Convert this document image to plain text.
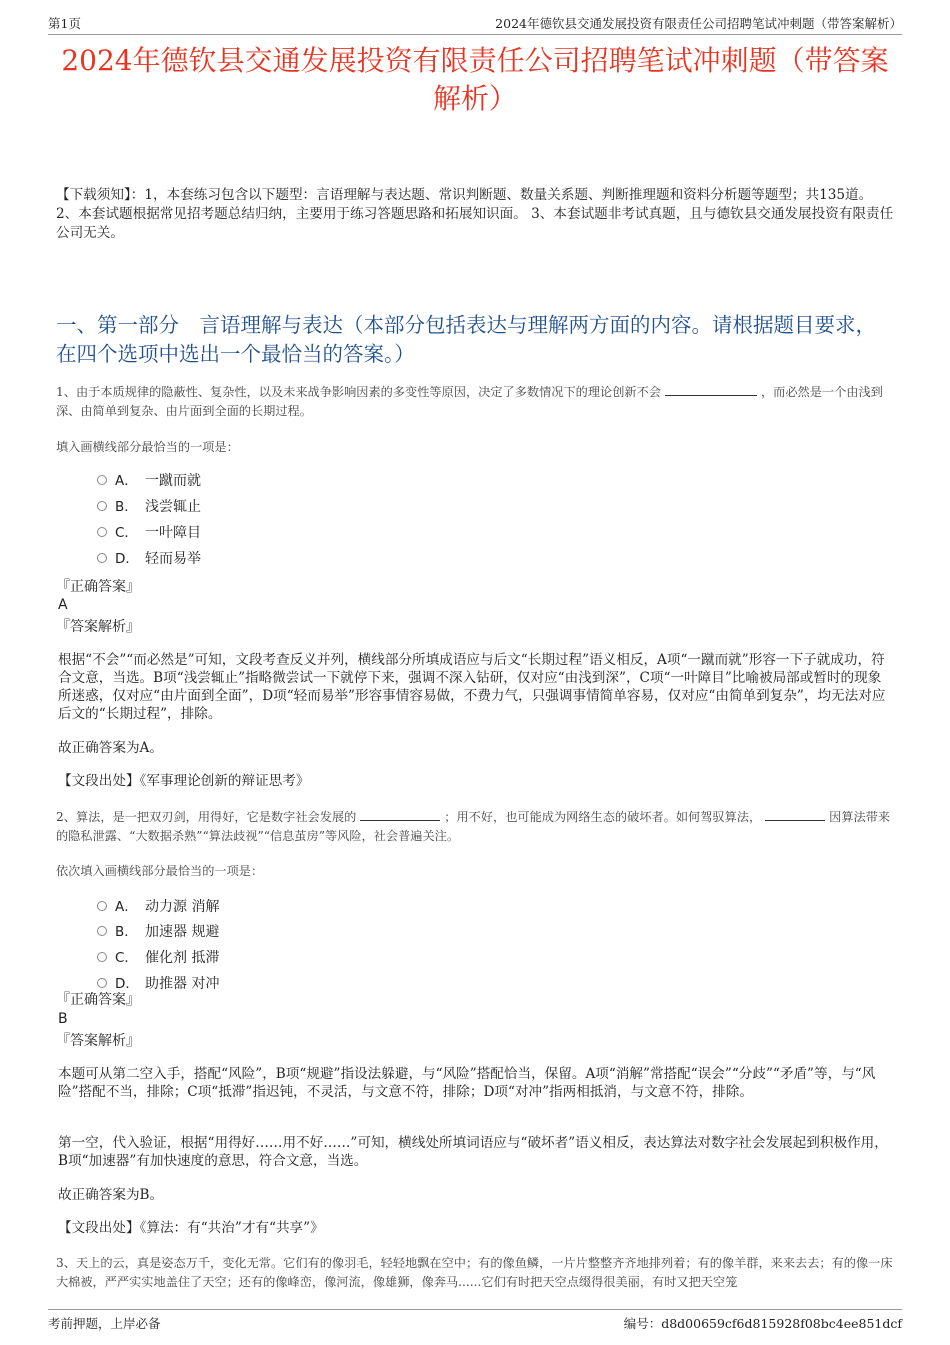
第1页	2024年德钦县交通发展投资有限责任公司招聘笔试冲刺题（带答案解析）
2024年德钦县交通发展投资有限责任公司招聘笔试冲刺题（带答案解析）
【下载须知】：1，本套练习包含以下题型：言语理解与表达题、常识判断题、数量关系题、判断推理题和资料分析题等题型；共135道。 2、本套试题根据常见招考题总结归纳，主要用于练习答题思路和拓展知识面。 3、本套试题非考试真题，且与德钦县交通发展投资有限责任公司无关。
一、第一部分　言语理解与表达（本部分包括表达与理解两方面的内容。请根据题目要求，在四个选项中选出一个最恰当的答案。）
1、由于本质规律的隐蔽性、复杂性，以及未来战争影响因素的多变性等原因，决定了多数情况下的理论创新不会	，而必然是一个由浅到深、由简单到复杂、由片面到全面的长期过程。
填入画横线部分最恰当的一项是：
A． 一蹴而就
B． 浅尝辄止
C． 一叶障目
D． 轻而易举
『正确答案』
A
『答案解析』
根据“不会”“而必然是”可知，文段考查反义并列，横线部分所填成语应与后文“长期过程”语义相反，A项“一蹴而就”形容一下子就成功，符合文意，当选。B项“浅尝辄止”指略微尝试一下就停下来，强调不深入钻研，仅对应“由浅到深”，C项“一叶障目”比喻被局部或暂时的现象所迷惑，仅对应“由片面到全面”，D项“轻而易举”形容事情容易做，不费力气，只强调事情简单容易，仅对应“由简单到复杂”，均无法对应后文的“长期过程”，排除。
故正确答案为A。
【文段出处】《军事理论创新的辩证思考》
2、算法，是一把双刃剑，用得好，它是数字社会发展的	；用不好，也可能成为网络生态的破坏者。如何驾驭算法，	因算法带来的隐私泄露、“大数据杀熟”“算法歧视”“信息茧房”等风险，社会普遍关注。
依次填入画横线部分最恰当的一项是：
A． 动力源 消解
B． 加速器 规避
C． 催化剂 抵滞
D． 助推器 对冲
『正确答案』
B
『答案解析』
本题可从第二空入手，搭配“风险”，B项“规避”指设法躲避，与“风险”搭配恰当，保留。A项“消解”常搭配“误会”“分歧”“矛盾”等，与“风险”搭配不当，排除；C项“抵滞”指迟钝，不灵活，与文意不符，排除；D项“对冲”指两相抵消，与文意不符，排除。
第一空，代入验证，根据“用得好……用不好……”可知，横线处所填词语应与“破坏者”语义相反，表达算法对数字社会发展起到积极作用，B项“加速器”有加快速度的意思，符合文意，当选。
故正确答案为B。
【文段出处】《算法：有“共治”才有“共享”》
3、天上的云，真是姿态万千，变化无常。它们有的像羽毛，轻轻地飘在空中；有的像鱼鳞，一片片整整齐齐地排列着；有的像羊群，来来去去；有的像一床大棉被，严严实实地盖住了天空；还有的像峰峦，像河流，像雄狮，像奔马......它们有时把天空点缀得很美丽，有时又把天空笼
考前押题，上岸必备	编号：d8d00659cf6d815928f08bc4ee851dcf
